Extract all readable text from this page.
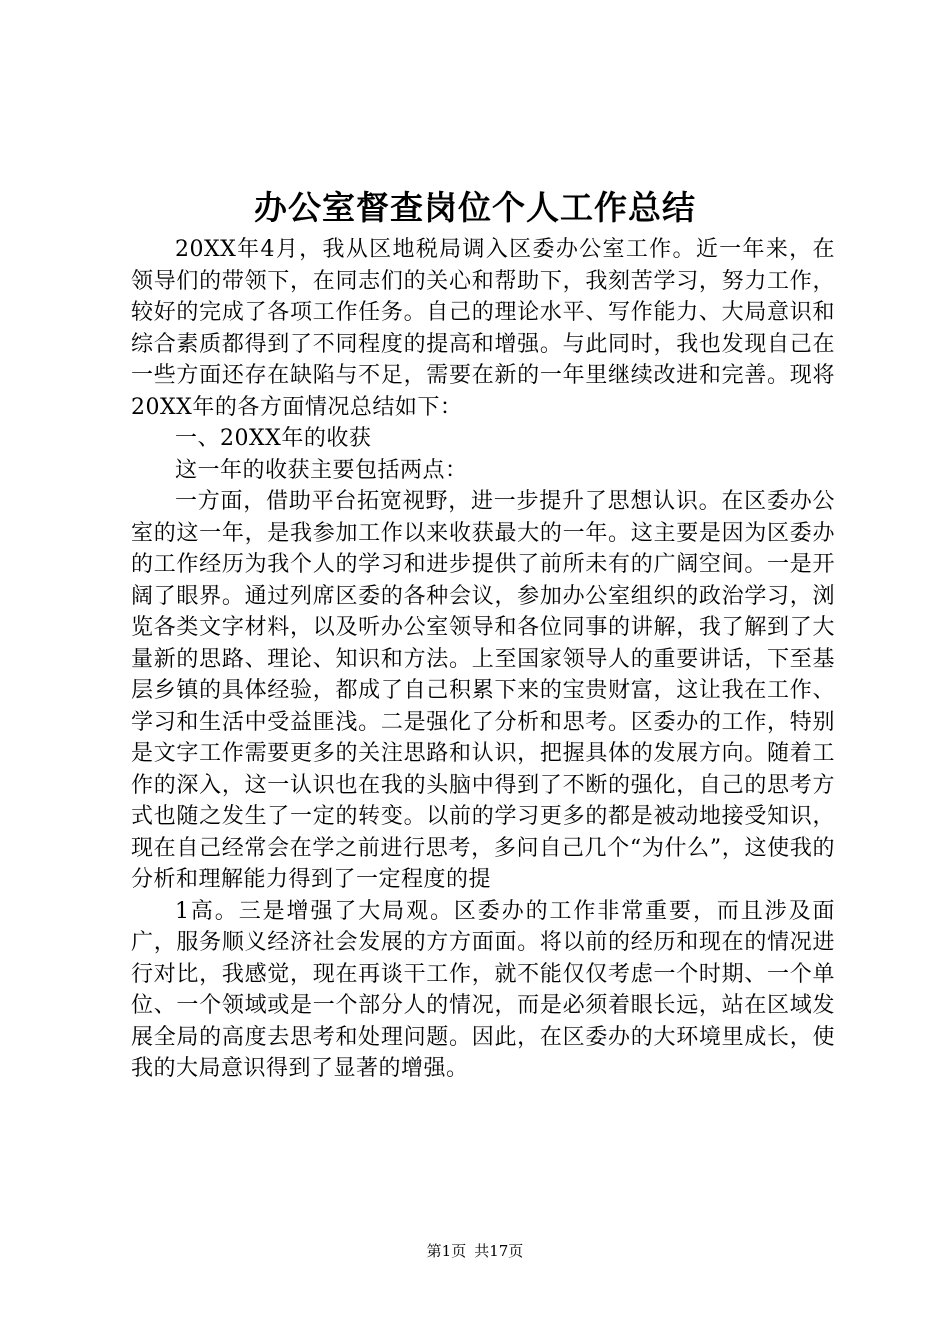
办公室督查岗位个人工作总结

20XX年4月，我从区地税局调入区委办公室工作。近一年来，在领导们的带领下，在同志们的关心和帮助下，我刻苦学习，努力工作，较好的完成了各项工作任务。自己的理论水平、写作能力、大局意识和综合素质都得到了不同程度的提高和增强。与此同时，我也发现自己在一些方面还存在缺陷与不足，需要在新的一年里继续改进和完善。现将20XX年的各方面情况总结如下：

一、20XX年的收获

这一年的收获主要包括两点：

一方面，借助平台拓宽视野，进一步提升了思想认识。在区委办公室的这一年，是我参加工作以来收获最大的一年。这主要是因为区委办的工作经历为我个人的学习和进步提供了前所未有的广阔空间。一是开阔了眼界。通过列席区委的各种会议，参加办公室组织的政治学习，浏览各类文字材料，以及听办公室领导和各位同事的讲解，我了解到了大量新的思路、理论、知识和方法。上至国家领导人的重要讲话，下至基层乡镇的具体经验，都成了自己积累下来的宝贵财富，这让我在工作、学习和生活中受益匪浅。二是强化了分析和思考。区委办的工作，特别是文字工作需要更多的关注思路和认识，把握具体的发展方向。随着工作的深入，这一认识也在我的头脑中得到了不断的强化，自己的思考方式也随之发生了一定的转变。以前的学习更多的都是被动地接受知识，现在自己经常会在学之前进行思考，多问自己几个“为什么”，这使我的分析和理解能力得到了一定程度的提

1高。三是增强了大局观。区委办的工作非常重要，而且涉及面广，服务顺义经济社会发展的方方面面。将以前的经历和现在的情况进行对比，我感觉，现在再谈干工作，就不能仅仅考虑一个时期、一个单位、一个领域或是一个部分人的情况，而是必须着眼长远，站在区域发展全局的高度去思考和处理问题。因此，在区委办的大环境里成长，使我的大局意识得到了显著的增强。

第1页 共17页
